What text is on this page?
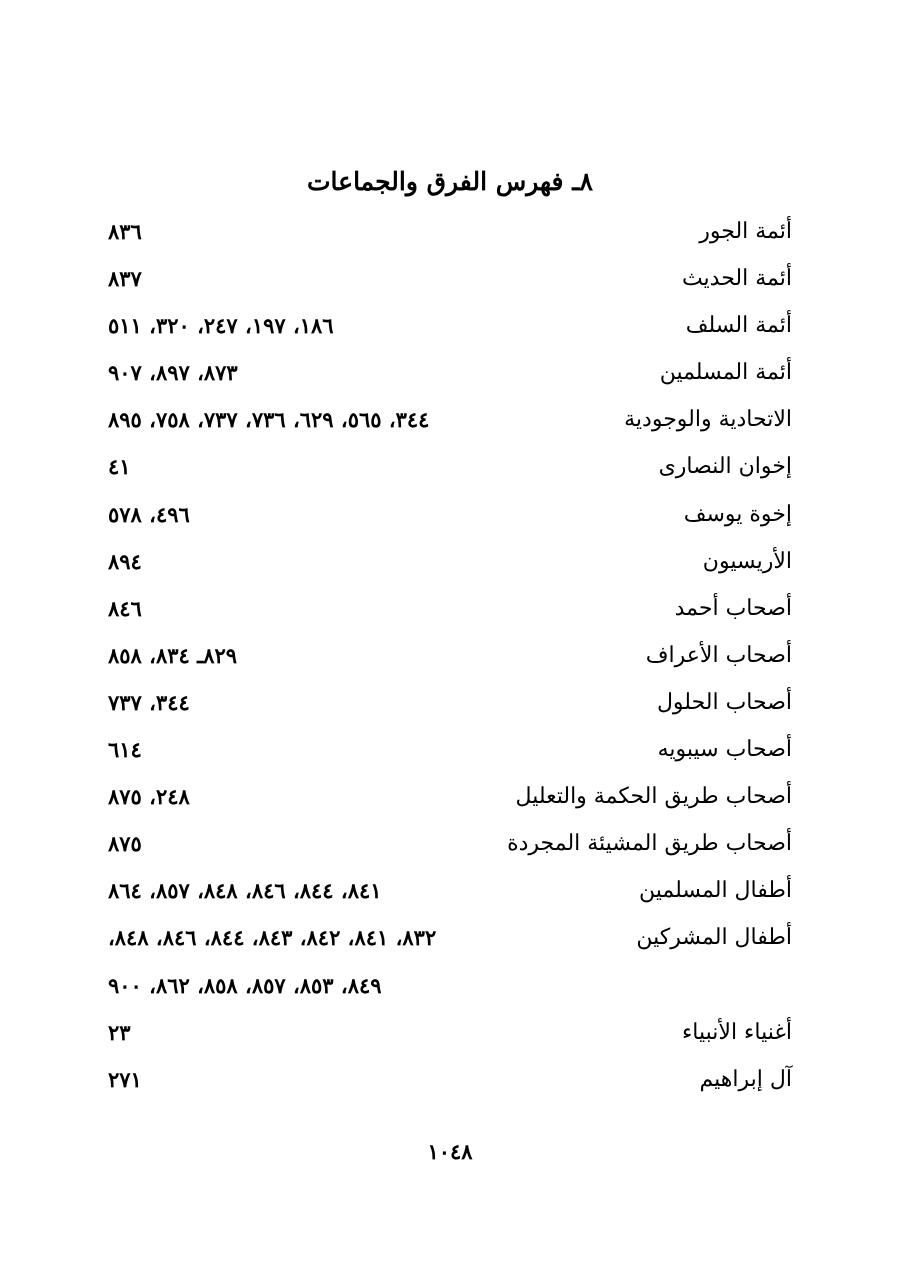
٨ـ فهرس الفرق والجماعات
أئمة الجور
٨٣٦
أئمة الحديث
٨٣٧
أئمة السلف
١٨٦، ١٩٧، ٢٤٧، ٣٢٠، ٥١١
أئمة المسلمين
٨٧٣، ٨٩٧، ٩٠٧
الاتحادية والوجودية
٣٤٤، ٥٦٥، ٦٢٩، ٧٣٦، ٧٣٧، ٧٥٨، ٨٩٥
إخوان النصارى
٤١
إخوة يوسف
٤٩٦، ٥٧٨
الأريسيون
٨٩٤
أصحاب أحمد
٨٤٦
أصحاب الأعراف
٨٢٩ـ ٨٣٤، ٨٥٨
أصحاب الحلول
٣٤٤، ٧٣٧
أصحاب سيبويه
٦١٤
أصحاب طريق الحكمة والتعليل
٢٤٨، ٨٧٥
أصحاب طريق المشيئة المجردة
٨٧٥
أطفال المسلمين
٨٤١، ٨٤٤، ٨٤٦، ٨٤٨، ٨٥٧، ٨٦٤
أطفال المشركين
٨٣٢، ٨٤١، ٨٤٢، ٨٤٣، ٨٤٤، ٨٤٦، ٨٤٨،
٨٤٩، ٨٥٣، ٨٥٧، ٨٥٨، ٨٦٢، ٩٠٠
أغنياء الأنبياء
٢٣
آل إبراهيم
٢٧١
١٠٤٨
